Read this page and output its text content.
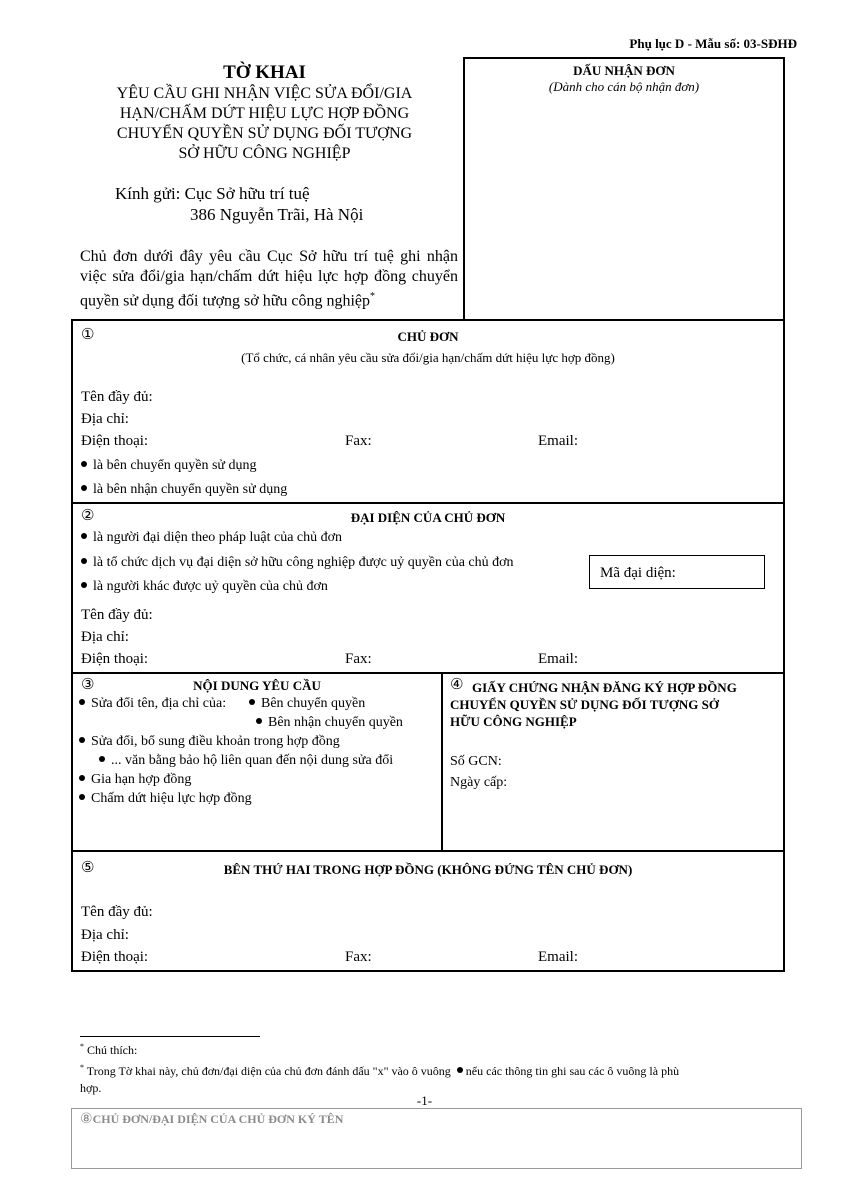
Phụ lục D - Mẫu số: 03-SĐHĐ
TỜ KHAI
YÊU CẦU GHI NHẬN VIỆC SỬA ĐỔI/GIA
HẠN/CHẤM DỨT HIỆU LỰC HỢP ĐỒNG
CHUYỂN QUYỀN SỬ DỤNG ĐỐI TƯỢNG
SỞ HỮU CÔNG NGHIỆP
Kính gửi: Cục Sở hữu trí tuệ
386 Nguyễn Trãi, Hà Nội
Chủ đơn dưới đây yêu cầu Cục Sở hữu trí tuệ ghi nhận việc sửa đổi/gia hạn/chấm dứt hiệu lực hợp đồng chuyển quyền sử dụng đối tượng sở hữu công nghiệp*
DẤU NHẬN ĐƠN
(Dành cho cán bộ nhận đơn)
①	CHỦ ĐƠN
(Tổ chức, cá nhân yêu cầu sửa đổi/gia hạn/chấm dứt hiệu lực hợp đồng)
Tên đầy đủ:
Địa chỉ:
Điện thoại:	Fax:	Email:
là bên chuyển quyền sử dụng
là bên nhận chuyển quyền sử dụng
②	ĐẠI DIỆN CỦA CHỦ ĐƠN
là người đại diện theo pháp luật của chủ đơn
là tổ chức dịch vụ đại diện sở hữu công nghiệp được uỷ quyền của chủ đơn
là người khác được uỷ quyền của chủ đơn
Mã đại diện:
Tên đầy đủ:
Địa chỉ:
Điện thoại:	Fax:	Email:
③	NỘI DUNG YÊU CẦU
Sửa đổi tên, địa chỉ của:	Bên chuyển quyền
Bên nhận chuyển quyền
Sửa đổi, bổ sung điều khoản trong hợp đồng
... văn bằng bảo hộ liên quan đến nội dung sửa đổi
Gia hạn hợp đồng
Chấm dứt hiệu lực hợp đồng
④ GIẤY CHỨNG NHẬN ĐĂNG KÝ HỢP ĐỒNG
CHUYỂN QUYỀN SỬ DỤNG ĐỐI TƯỢNG SỞ
HỮU CÔNG NGHIỆP
Số GCN:
Ngày cấp:
⑤	BÊN THỨ HAI TRONG HỢP ĐỒNG (KHÔNG ĐỨNG TÊN CHỦ ĐƠN)
Tên đầy đủ:
Địa chỉ:
Điện thoại:	Fax:	Email:
* Chú thích:
* Trong Tờ khai này, chủ đơn/đại diện của chủ đơn đánh dấu "x" vào ô vuông nếu các thông tin ghi sau các ô vuông là phù
hợp.
-1-
⑧CHỦ ĐƠN/ĐẠI DIỆN CỦA CHỦ ĐƠN KÝ TÊN
